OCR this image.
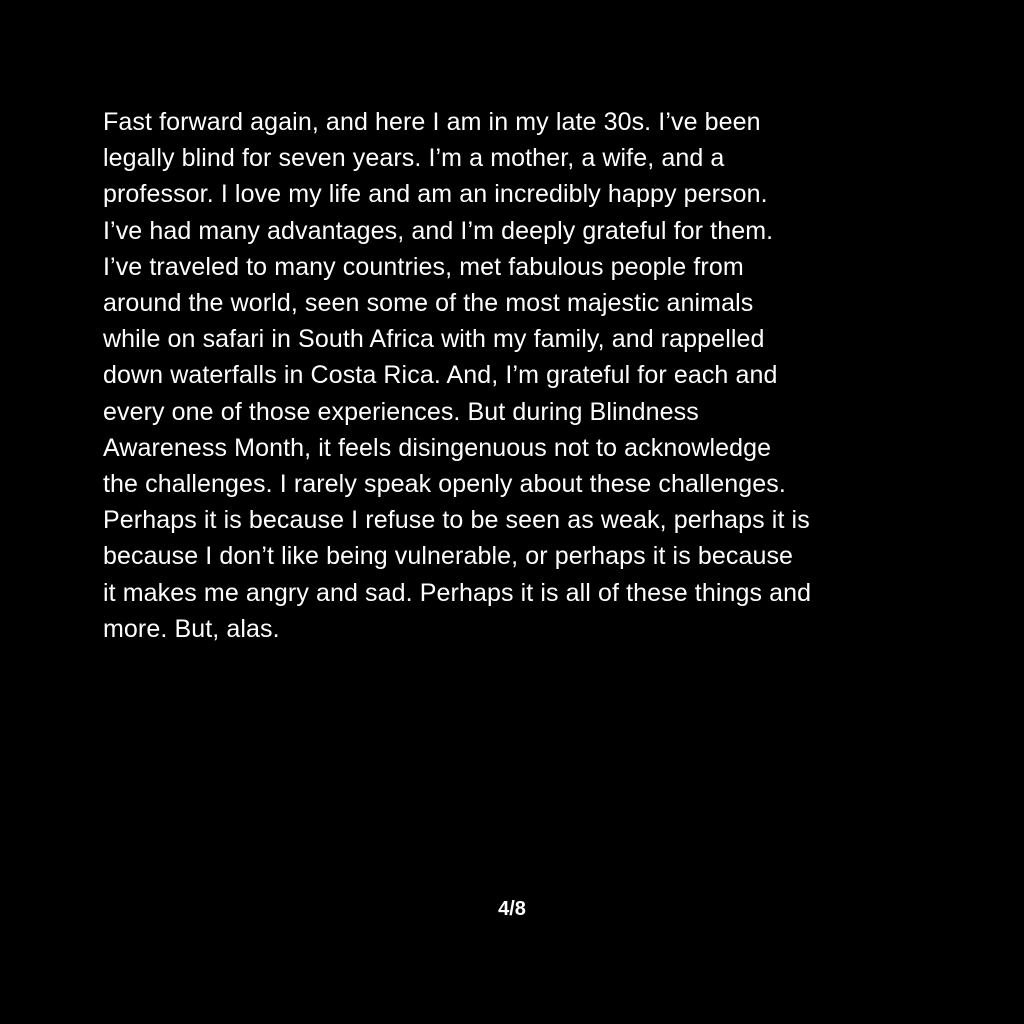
Fast forward again, and here I am in my late 30s. I’ve been
legally blind for seven years. I’m a mother, a wife, and a
professor. I love my life and am an incredibly happy person.
I’ve had many advantages, and I’m deeply grateful for them.
I’ve traveled to many countries, met fabulous people from
around the world, seen some of the most majestic animals
while on safari in South Africa with my family, and rappelled
down waterfalls in Costa Rica. And, I’m grateful for each and
every one of those experiences. But during Blindness
Awareness Month, it feels disingenuous not to acknowledge
the challenges. I rarely speak openly about these challenges.
Perhaps it is because I refuse to be seen as weak, perhaps it is
because I don’t like being vulnerable, or perhaps it is because
it makes me angry and sad. Perhaps it is all of these things and
more. But, alas.

4/8
